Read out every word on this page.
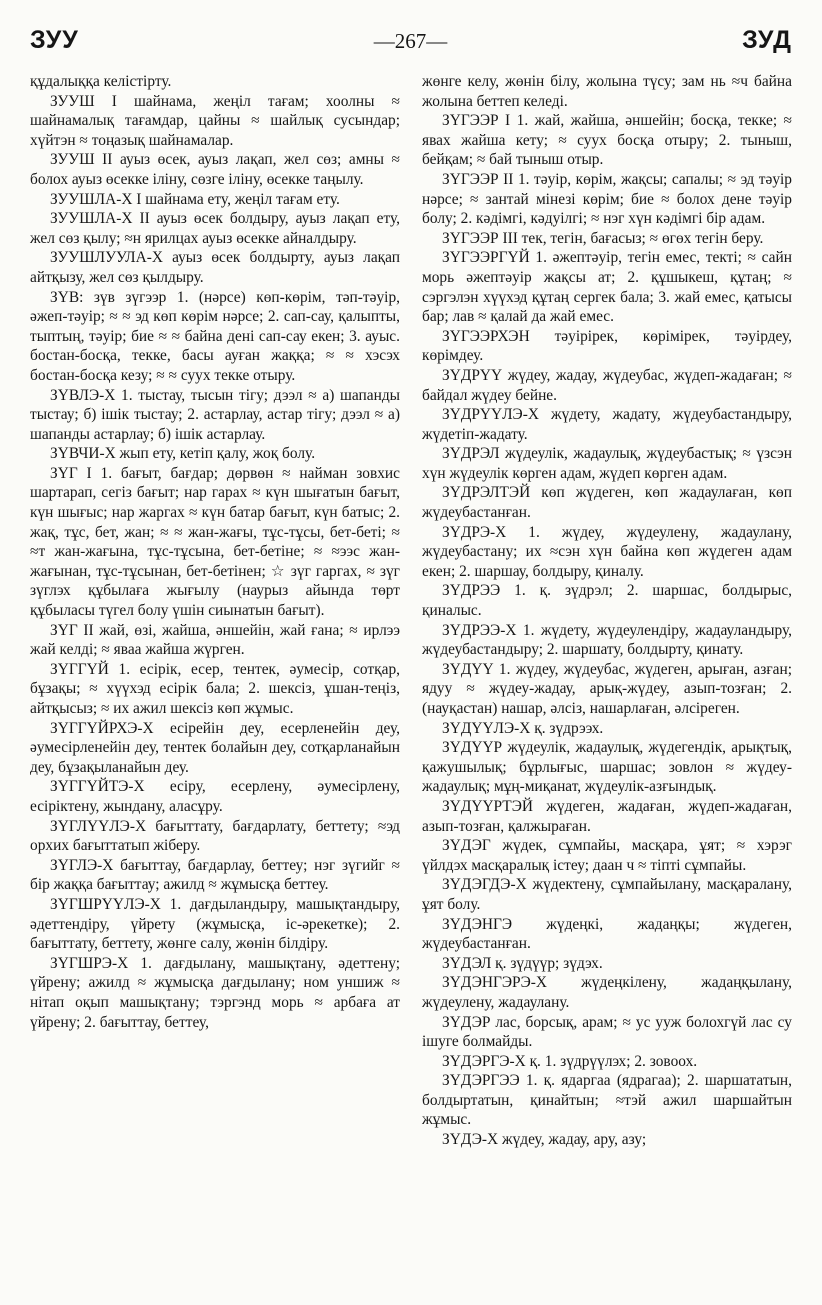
ЗУУ	—267—	ЗУД

құдалыққа келістірту.

ЗУУШ I шайнама, жеңіл тағам; хоолны ≈ шайнамалық тағамдар, цайны ≈ шайлық сусындар; хүйтэн ≈ тоңазық шайнамалар.

ЗУУШ II ауыз өсек, ауыз лақап, жел сөз; амны ≈ болох ауыз өсекке іліну, сөзге іліну, өсекке таңылу.

ЗУУШЛА-Х I шайнама ету, жеңіл тағам ету.

ЗУУШЛА-Х II ауыз өсек болдыру, ауыз лақап ету, жел сөз қылу; ≈н ярилцах ауыз өсекке айналдыру.

ЗУУШЛУУЛА-Х ауыз өсек болдырту, ауыз лақап айтқызу, жел сөз қылдыру.

ЗҮВ: зүв зүгээр 1. (нәрсе) көп-көрім, тәп-тәуір, әжеп-тәуір; ≈ ≈ эд көп көрім нәрсе; 2. сап-сау, қалыпты, тыптың, тәуір; бие ≈ ≈ байна дені сап-сау екен; 3. ауыс. бостан-босқа, текке, басы ауған жаққа; ≈ ≈ хэсэх бостан-босқа кезу; ≈ ≈ суух текке отыру.

ЗҮВЛЭ-Х 1. тыстау, тысын тігу; дээл ≈ а) шапанды тыстау; б) ішік тыстау; 2. астарлау, астар тігу; дээл ≈ а) шапанды астарлау; б) ішік астарлау.

ЗҮВЧИ-Х жып ету, кетіп қалу, жоқ болу.

ЗҮГ I 1. бағыт, бағдар; дөрвөн ≈ найман зовхис шартарап, сегіз бағыт; нар гарах ≈ күн шығатын бағыт, күн шығыс; нар жаргах ≈ күн батар бағыт, күн батыс; 2. жақ, тұс, бет, жан; ≈ ≈ жан-жағы, тұс-тұсы, бет-беті; ≈ ≈т жан-жағына, тұс-тұсына, бет-бетіне; ≈ ≈ээс жан-жағынан, тұс-тұсынан, бет-бетінен; ☆ зүг гаргах, ≈ зүг зүглэх құбылаға жығылу (наурыз айында төрт құбыласы түгел болу үшін сиынатын бағыт).

ЗҮГ II жай, өзі, жайша, әншейін, жай ғана; ≈ ирлээ жай келді; ≈ яваа жайша жүрген.

ЗҮГГҮЙ 1. есірік, есер, тентек, әумесір, сотқар, бұзақы; ≈ хүүхэд есірік бала; 2. шексіз, ұшан-теңіз, айтқысыз; ≈ их ажил шексіз көп жұмыс.

ЗҮГГҮЙРХЭ-Х есірейін деу, есерленейін деу, әумесірленейін деу, тентек болайын деу, сотқарланайын деу, бұзақыланайын деу.

ЗҮГГҮЙТЭ-Х есіру, есерлену, әумесірлену, есіріктену, жындану, аласұру.

ЗҮГЛҮҮЛЭ-Х бағыттату, бағдарлату, беттету; ≈эд орхих бағыттатып жіберу.

ЗҮГЛЭ-Х бағыттау, бағдарлау, беттеу; нэг зүгийг ≈ бір жаққа бағыттау; ажилд ≈ жұмысқа беттеу.

ЗҮГШРҮҮЛЭ-Х 1. дағдыландыру, машықтандыру, әдеттендіру, үйрету (жұмысқа, іс-әрекетке); 2. бағыттату, беттету, жөнге салу, жөнін білдіру.

ЗҮГШРЭ-Х 1. дағдылану, машықтану, әдеттену; үйрену; ажилд ≈ жұмысқа дағдылану; ном уншиж ≈ нітап оқып машықтану; тэргэнд морь ≈ арбаға ат үйрену; 2. бағыттау, беттеу,

жөнге келу, жөнін білу, жолына түсу; зам нь ≈ч байна жолына беттеп келеді.

ЗҮГЭЭР I 1. жай, жайша, әншейін; босқа, текке; ≈ явах жайша кету; ≈ суух босқа отыру; 2. тыныш, бейқам; ≈ бай тыныш отыр.

ЗҮГЭЭР II 1. тәуір, көрім, жақсы; сапалы; ≈ эд тәуір нәрсе; ≈ зантай мінезі көрім; бие ≈ болох дене тәуір болу; 2. кәдімгі, кәдуілгі; ≈ нэг хүн кәдімгі бір адам.

ЗҮГЭЭР III тек, тегін, бағасыз; ≈ өгөх тегін беру.

ЗҮГЭЭРГҮЙ 1. әжептәуір, тегін емес, текті; ≈ сайн морь әжептәуір жақсы ат; 2. құшыкеш, құтаң; ≈ сэргэлэн хүүхэд құтаң сергек бала; 3. жай емес, қатысы бар; лав ≈ қалай да жай емес.

ЗҮГЭЭРХЭН тәуірірек, көрімірек, тәуірдеу, көрімдеу.

ЗҮДРҮҮ жүдеу, жадау, жүдеубас, жүдеп-жадаған; ≈ байдал жүдеу бейне.

ЗҮДРҮҮЛЭ-Х жүдету, жадату, жүдеубастандыру, жүдетіп-жадату.

ЗҮДРЭЛ жүдеулік, жадаулық, жүдеубастық; ≈ үзсэн хүн жүдеулік көрген адам, жүдеп көрген адам.

ЗҮДРЭЛТЭЙ көп жүдеген, көп жадаулаған, көп жүдеубастанған.

ЗҮДРЭ-Х 1. жүдеу, жүдеулену, жадаулану, жүдеубастану; их ≈сэн хүн байна көп жүдеген адам екен; 2. шаршау, болдыру, қиналу.

ЗҮДРЭЭ 1. қ. зүдрэл; 2. шаршас, болдырыс, қиналыс.

ЗҮДРЭЭ-Х 1. жүдету, жүдеулендіру, жадауландыру, жүдеубастандыру; 2. шаршату, болдырту, қинату.

ЗҮДҮҮ 1. жүдеу, жүдеубас, жүдеген, арыған, азған; ядуу ≈ жүдеу-жадау, арық-жүдеу, азып-тозған; 2. (науқастан) нашар, әлсіз, нашарлаған, әлсіреген.

ЗҮДҮҮЛЭ-Х қ. зүдрээх.

ЗҮДҮҮР жүдеулік, жадаулық, жүдегендік, арықтық, қажушылық; бұрлығыс, шаршас; зовлон ≈ жүдеу-жадаулық; мұң-миқанат, жүдеулік-азғындық.

ЗҮДҮҮРТЭЙ жүдеген, жадаған, жүдеп-жадаған, азып-тозған, қалжыраған.

ЗҮДЭГ жүдек, сұмпайы, масқара, ұят; ≈ хэрэг үйлдэх масқаралық істеу; даан ч ≈ тіпті сұмпайы.

ЗҮДЭГДЭ-Х жүдектену, сұмпайылану, масқаралану, ұят болу.

ЗҮДЭНГЭ жүдеңкі, жадаңқы; жүдеген, жүдеубастанған.

ЗҮДЭЛ қ. зүдүүр; зүдэх.

ЗҮДЭНГЭРЭ-Х жүдеңкілену, жадаңқылану, жүдеулену, жадаулану.

ЗҮДЭР лас, борсық, арам; ≈ ус ууж болохгүй лас су ішуге болмайды.

ЗҮДЭРГЭ-Х қ. 1. зүдрүүлэх; 2. зовоох.

ЗҮДЭРГЭЭ 1. қ. ядаргаа (ядрагаа); 2. шаршататын, болдыртатын, қинайтын; ≈тэй ажил шаршайтын жұмыс.

ЗҮДЭ-Х жүдеу, жадау, ару, азу;
